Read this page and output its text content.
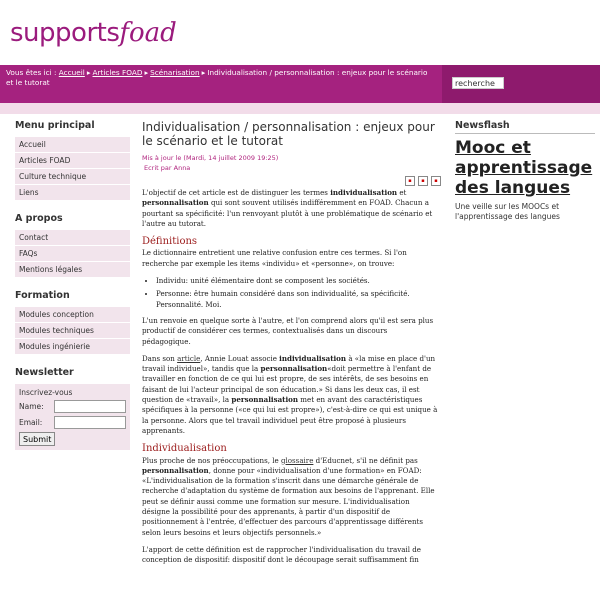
supportsfoad
Vous êtes ici : Accueil ▸ Articles FOAD ▸ Scénarisation ▸ Individualisation / personnalisation : enjeux pour le scénario et le tutorat
recherche
Menu principal
Accueil
Articles FOAD
Culture technique
Liens
A propos
Contact
FAQs
Mentions légales
Formation
Modules conception
Modules techniques
Modules ingénierie
Newsletter
Inscrivez-vous
Name:
Email:
Submit
Individualisation / personnalisation : enjeux pour le scénario et le tutorat
Mis à jour le (Mardi, 14 juillet 2009 19:25)
Ecrit par Anna
▪	▪	▪

L'objectif de cet article est de distinguer les termes individualisation et personnalisation qui sont souvent utilisés indifféremment en FOAD. Chacun a pourtant sa spécificité: l'un renvoyant plutôt à une problématique de scénario et l'autre au tutorat.

Définitions

Le dictionnaire entretient une relative confusion entre ces termes. Si l'on recherche par exemple les items «individu» et «personne», on trouve:

• Individu: unité élémentaire dont se composent les sociétés.
• Personne: être humain considéré dans son individualité, sa spécificité. Personnalité. Moi.

L'un renvoie en quelque sorte à l'autre, et l'on comprend alors qu'il est sera plus productif de considérer ces termes, contextualisés dans un discours pédagogique.

Dans son article, Annie Louat associe individualisation à «la mise en place d'un travail individuel», tandis que la personnalisation«doit permettre à l'enfant de travailler en fonction de ce qui lui est propre, de ses intérêts, de ses besoins en faisant de lui l'acteur principal de son éducation.» Si dans les deux cas, il est question de «travail», la personnalisation met en avant des caractéristiques spécifiques à la personne («ce qui lui est propre»), c'est-à-dire ce qui est unique à la personne. Alors que tel travail individuel peut être proposé à plusieurs apprenants.

Individualisation

Plus proche de nos préoccupations, le glossaire d'Educnet, s'il ne définit pas personnalisation, donne pour «individualisation d'une formation» en FOAD: «L'individualisation de la formation s'inscrit dans une démarche générale de recherche d'adaptation du système de formation aux besoins de l'apprenant. Elle peut se définir aussi comme une formation sur mesure. L'individualisation désigne la possibilité pour des apprenants, à partir d'un dispositif de positionnement à l'entrée, d'effectuer des parcours d'apprentissage différents selon leurs besoins et leurs objectifs personnels.»

L'apport de cette définition est de rapprocher l'individualisation du travail de conception de dispositif: dispositif dont le découpage serait suffisamment fin

Newsflash
Mooc et apprentissage des langues
Une veille sur les MOOCs et l'apprentissage des langues
